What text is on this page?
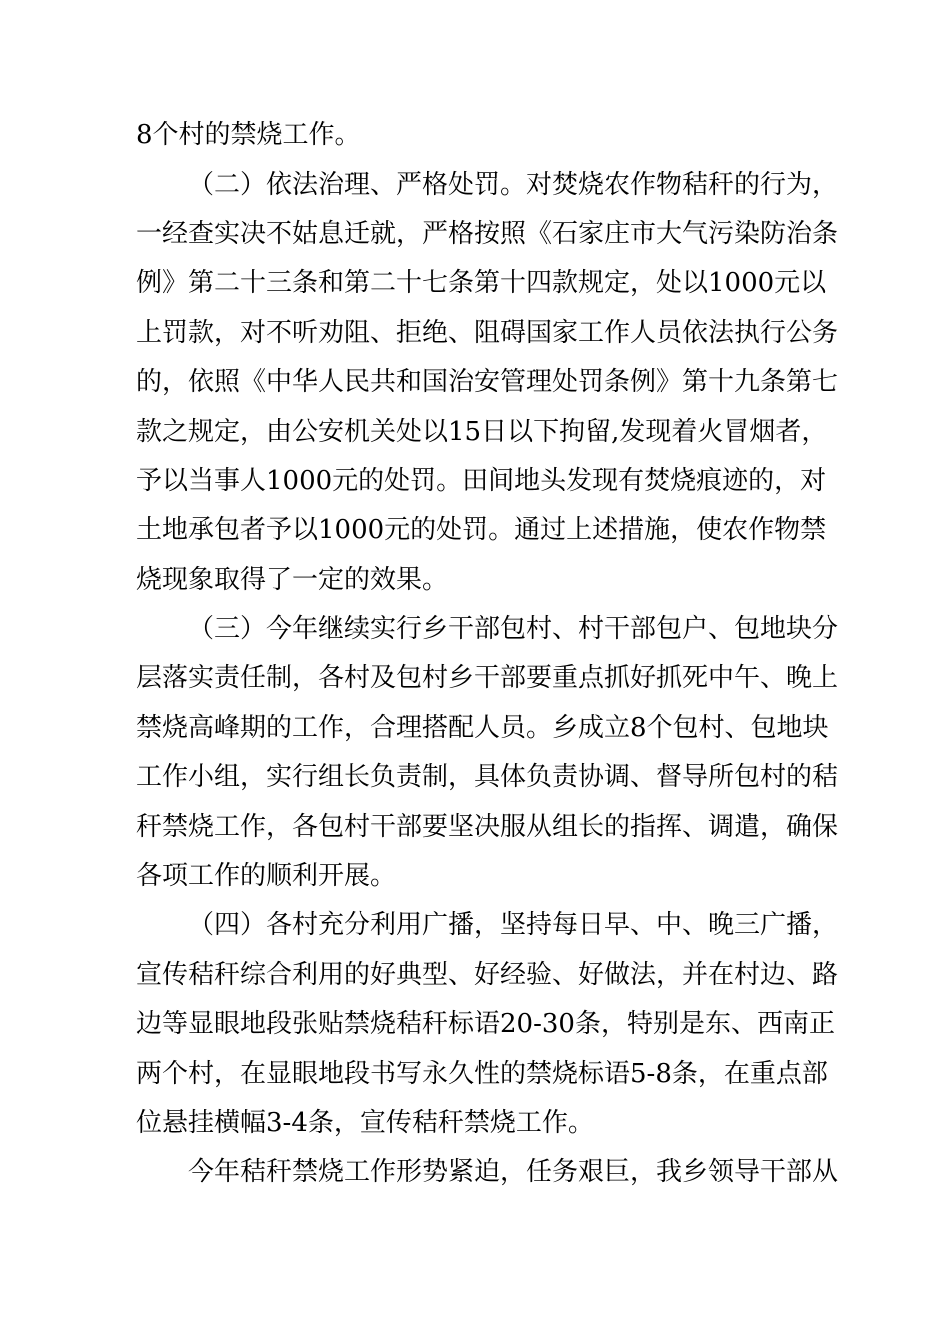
8个村的禁烧工作。
（二）依法治理、严格处罚。对焚烧农作物秸秆的行为，
一经查实决不姑息迁就，严格按照《石家庄市大气污染防治条
例》第二十三条和第二十七条第十四款规定，处以1000元以
上罚款，对不听劝阻、拒绝、阻碍国家工作人员依法执行公务
的，依照《中华人民共和国治安管理处罚条例》第十九条第七
款之规定，由公安机关处以15日以下拘留,发现着火冒烟者，
予以当事人1000元的处罚。田间地头发现有焚烧痕迹的，对
土地承包者予以1000元的处罚。通过上述措施，使农作物禁
烧现象取得了一定的效果。
（三）今年继续实行乡干部包村、村干部包户、包地块分
层落实责任制，各村及包村乡干部要重点抓好抓死中午、晚上
禁烧高峰期的工作，合理搭配人员。乡成立8个包村、包地块
工作小组，实行组长负责制，具体负责协调、督导所包村的秸
秆禁烧工作，各包村干部要坚决服从组长的指挥、调遣，确保
各项工作的顺利开展。
（四）各村充分利用广播，坚持每日早、中、晚三广播，
宣传秸秆综合利用的好典型、好经验、好做法，并在村边、路
边等显眼地段张贴禁烧秸秆标语20-30条，特别是东、西南正
两个村，在显眼地段书写永久性的禁烧标语5-8条，在重点部
位悬挂横幅3-4条，宣传秸秆禁烧工作。
今年秸秆禁烧工作形势紧迫，任务艰巨，我乡领导干部从
